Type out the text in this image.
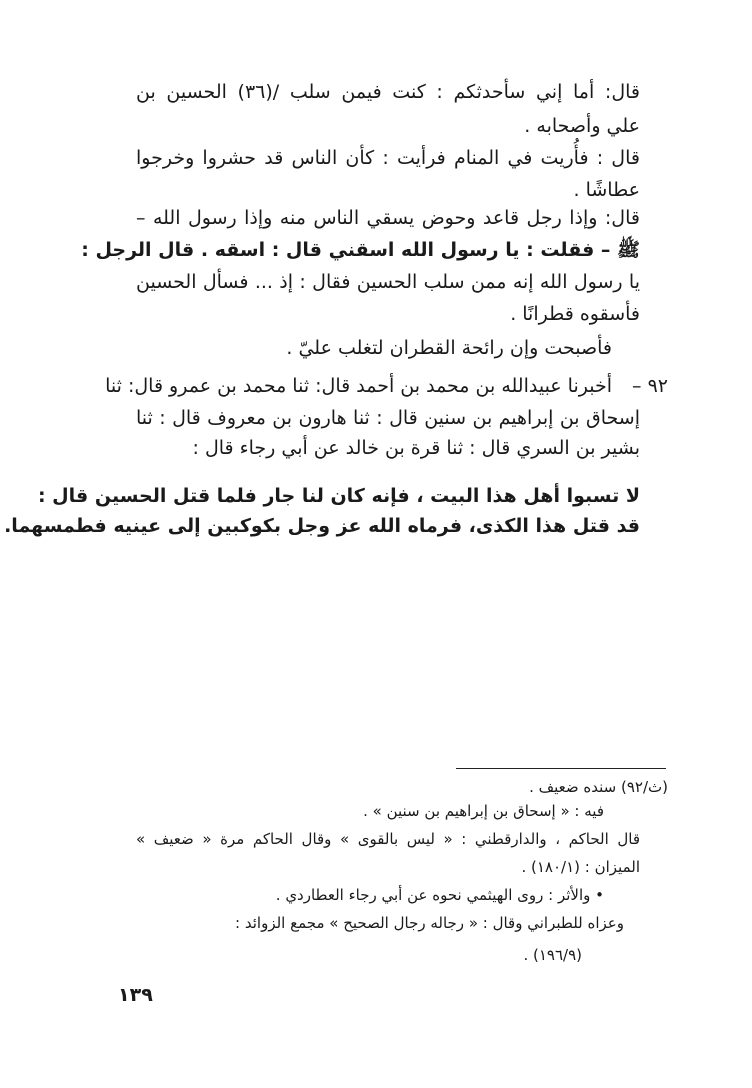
قال: أما إني سأحدثكم : كنت فيمن سلب /(٣٦) الحسين بن
علي وأصحابه .
قال : فأُريت في المنام فرأيت : كأن الناس قد حشروا وخرجوا
عطاشًا .
قال: وإذا رجل قاعد وحوض يسقي الناس منه وإذا رسول الله –
ﷺ – فقلت : يا رسول الله اسقني قال : اسقه . قال الرجل :
يا رسول الله إنه ممن سلب الحسين فقال : إذ ... فسأل الحسين
فأسقوه قطرانًا .
فأصبحت وإن رائحة القطران لتغلب عليّ .
٩٢ –
أخبرنا عبيدالله بن محمد بن أحمد قال: ثنا محمد بن عمرو قال: ثنا
إسحاق بن إبراهيم بن سنين قال : ثنا هارون بن معروف قال : ثنا
بشير بن السري قال : ثنا قرة بن خالد عن أبي رجاء قال :
لا تسبوا أهل هذا البيت ، فإنه كان لنا جار فلما قتل الحسين قال :
قد قتل هذا الكذى، فرماه الله عز وجل بكوكبين إلى عينيه فطمسهما.
(ث/٩٢) سنده ضعيف .
فيه : « إسحاق بن إبراهيم بن سنين » .
قال الحاكم ، والدارقطني : « ليس بالقوى » وقال الحاكم مرة « ضعيف »
الميزان : (١٨٠/١) .
• والأثر : روى الهيثمي نحوه عن أبي رجاء العطاردي .
وعزاه للطبراني وقال : « رجاله رجال الصحيح » مجمع الزوائد :
(١٩٦/٩) .
١٣٩
